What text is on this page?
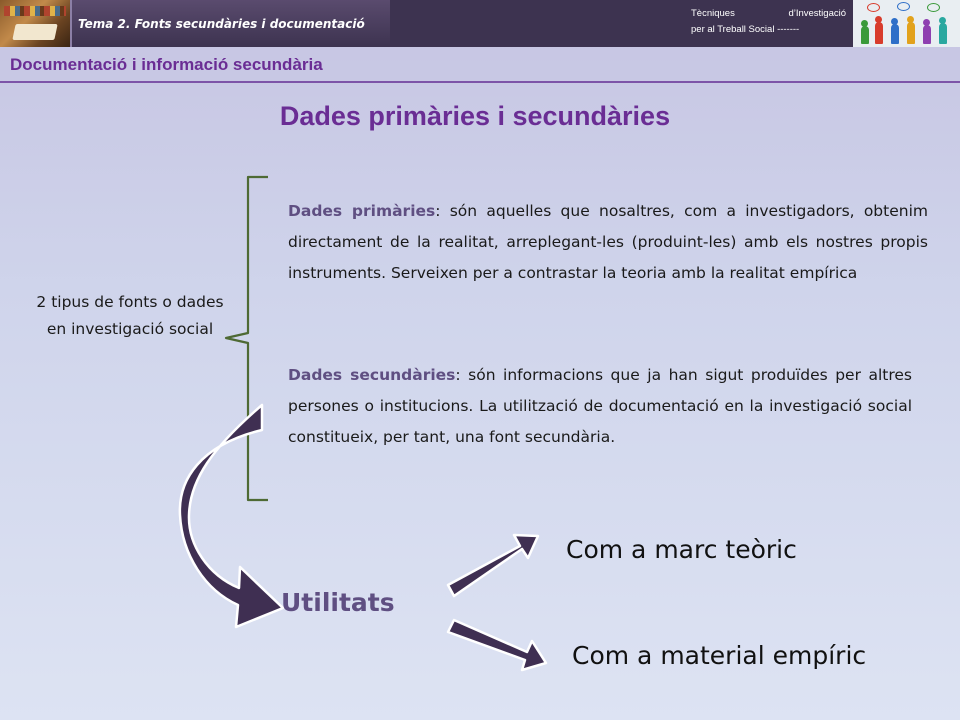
Tema 2. Fonts secundàries i documentació
Tècniques	d’Investigació
per al Treball Social -------
Documentació i informació secundària
Dades primàries i secundàries
2 tipus de fonts o dades en investigació social

Dades primàries: són aquelles que nosaltres, com a investigadors, obtenim directament de la realitat, arreplegant-les (produint-les) amb els nostres propis instruments. Serveixen per a contrastar la teoria amb la realitat empírica

Dades secundàries: són informacions que ja han sigut produïdes per altres persones o institucions. La utilització de documentació en la investigació social constitueix, per tant, una font secundària.

Utilitats
Com a marc teòric
Com a material empíric
